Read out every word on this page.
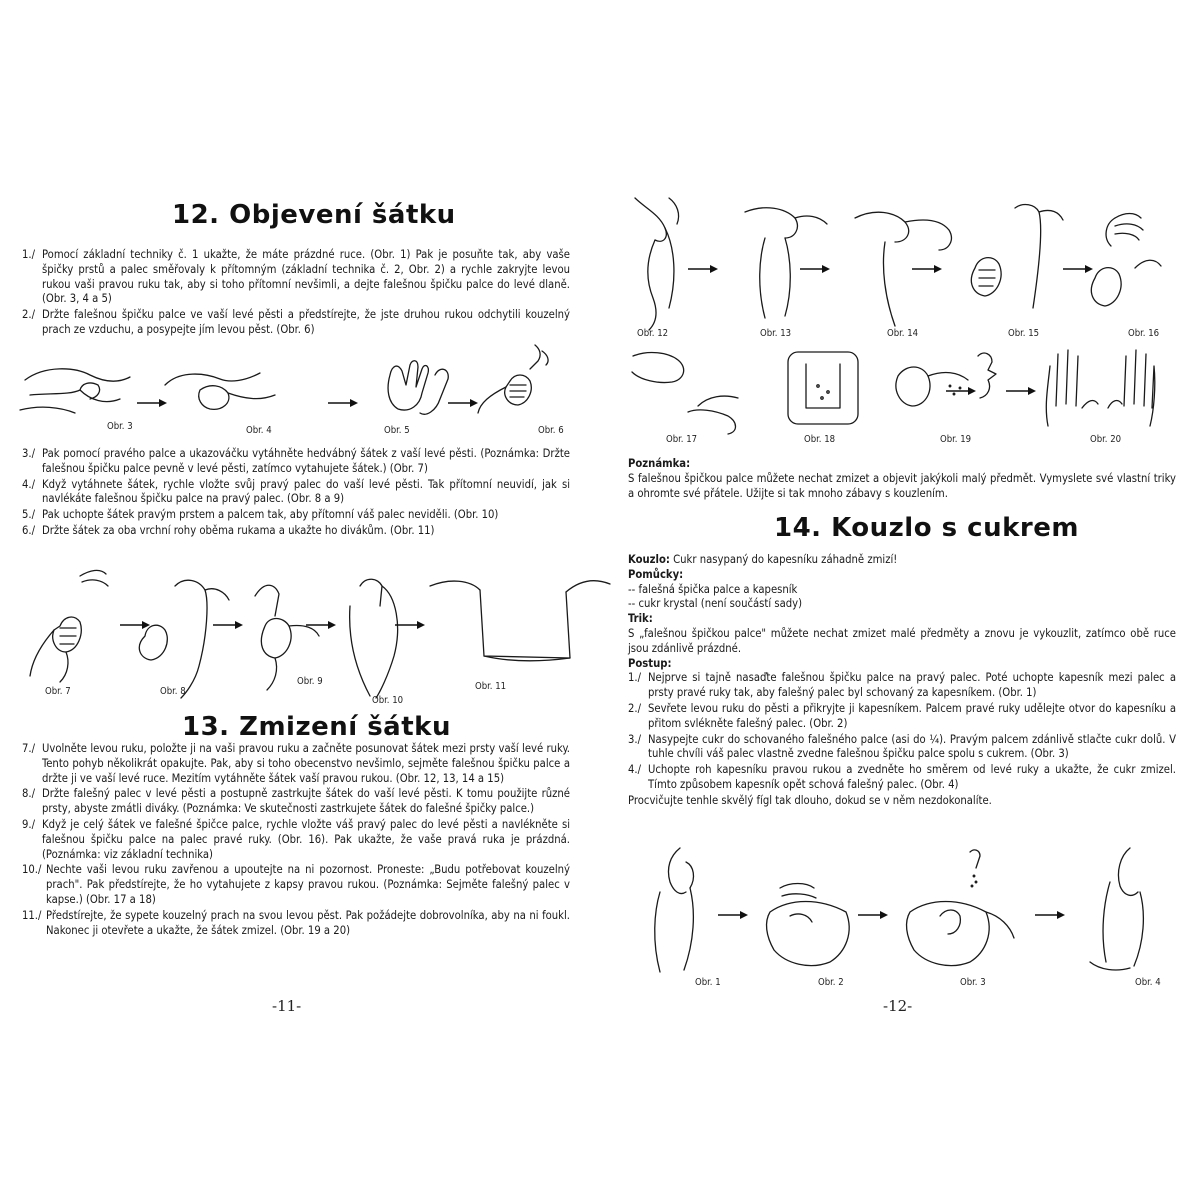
12. Objevení šátku
1./ Pomocí základní techniky č. 1 ukažte, že máte prázdné ruce. (Obr. 1) Pak je posuňte tak, aby vaše špičky prstů a palec směřovaly k přítomným (základní technika č. 2, Obr. 2) a rychle zakryjte levou rukou vaši pravou ruku tak, aby si toho přítomní nevšimli, a dejte falešnou špičku palce do levé dlaně. (Obr. 3, 4 a 5)
2./ Držte falešnou špičku palce ve vaší levé pěsti a předstírejte, že jste druhou rukou odchytili kouzelný prach ze vzduchu, a posypejte jím levou pěst. (Obr. 6)
Obr. 3	Obr. 4	Obr. 5	Obr. 6
3./ Pak pomocí pravého palce a ukazováčku vytáhněte hedvábný šátek z vaší levé pěsti. (Poznámka: Držte falešnou špičku palce pevně v levé pěsti, zatímco vytahujete šátek.) (Obr. 7)
4./ Když vytáhnete šátek, rychle vložte svůj pravý palec do vaší levé pěsti. Tak přítomní neuvidí, jak si navlékáte falešnou špičku palce na pravý palec. (Obr. 8 a 9)
5./ Pak uchopte šátek pravým prstem a palcem tak, aby přítomní váš palec neviděli. (Obr. 10)
6./ Držte šátek za oba vrchní rohy oběma rukama a ukažte ho divákům. (Obr. 11)
Obr. 7	Obr. 8
Obr. 9
Obr. 10
Obr. 11
13. Zmizení šátku
7./ Uvolněte levou ruku, položte ji na vaši pravou ruku a začněte posunovat šátek mezi prsty vaší levé ruky. Tento pohyb několikrát opakujte. Pak, aby si toho obecenstvo nevšimlo, sejměte falešnou špičku palce a držte ji ve vaší levé ruce. Mezitím vytáhněte šátek vaší pravou rukou. (Obr. 12, 13, 14 a 15)
8./ Držte falešný palec v levé pěsti a postupně zastrkujte šátek do vaší levé pěsti. K tomu použijte různé prsty, abyste zmátli diváky. (Poznámka: Ve skutečnosti zastrkujete šátek do falešné špičky palce.)
9./ Když je celý šátek ve falešné špičce palce, rychle vložte váš pravý palec do levé pěsti a navlékněte si falešnou špičku palce na palec pravé ruky. (Obr. 16). Pak ukažte, že vaše pravá ruka je prázdná. (Poznámka: viz základní technika)
10./ Nechte vaši levou ruku zavřenou a upoutejte na ni pozornost. Proneste: „Budu potřebovat kouzelný prach". Pak předstírejte, že ho vytahujete z kapsy pravou rukou. (Poznámka: Sejměte falešný palec v kapse.) (Obr. 17 a 18)
11./ Předstírejte, že sypete kouzelný prach na svou levou pěst. Pak požádejte dobrovolníka, aby na ni foukl. Nakonec ji otevřete a ukažte, že šátek zmizel. (Obr. 19 a 20)
-11-
Obr. 12	Obr. 13	Obr. 14	Obr. 15	Obr. 16
Obr. 17	Obr. 18	Obr. 19	Obr. 20
Poznámka:
S falešnou špičkou palce můžete nechat zmizet a objevit jakýkoli malý předmět. Vymyslete své vlastní triky a ohromte své přátele. Užijte si tak mnoho zábavy s kouzlením.
14. Kouzlo s cukrem
Kouzlo: Cukr nasypaný do kapesníku záhadně zmizí!
Pomůcky:
-- falešná špička palce a kapesník
-- cukr krystal (není součástí sady)
Trik:
S „falešnou špičkou palce" můžete nechat zmizet malé předměty a znovu je vykouzlit, zatímco obě ruce jsou zdánlivě prázdné.
Postup:
1./ Nejprve si tajně nasaďte falešnou špičku palce na pravý palec. Poté uchopte kapesník mezi palec a prsty pravé ruky tak, aby falešný palec byl schovaný za kapesníkem. (Obr. 1)
2./ Sevřete levou ruku do pěsti a přikryjte ji kapesníkem. Palcem pravé ruky udělejte otvor do kapesníku a přitom svlékněte falešný palec. (Obr. 2)
3./ Nasypejte cukr do schovaného falešného palce (asi do ¼). Pravým palcem zdánlivě stlačte cukr dolů. V tuhle chvíli váš palec vlastně zvedne falešnou špičku palce spolu s cukrem. (Obr. 3)
4./ Uchopte roh kapesníku pravou rukou a zvedněte ho směrem od levé ruky a ukažte, že cukr zmizel. Tímto způsobem kapesník opět schová falešný palec. (Obr. 4)
Procvičujte tenhle skvělý fígl tak dlouho, dokud se v něm nezdokonalíte.
Obr. 1	Obr. 2	Obr. 3	Obr. 4
-12-
